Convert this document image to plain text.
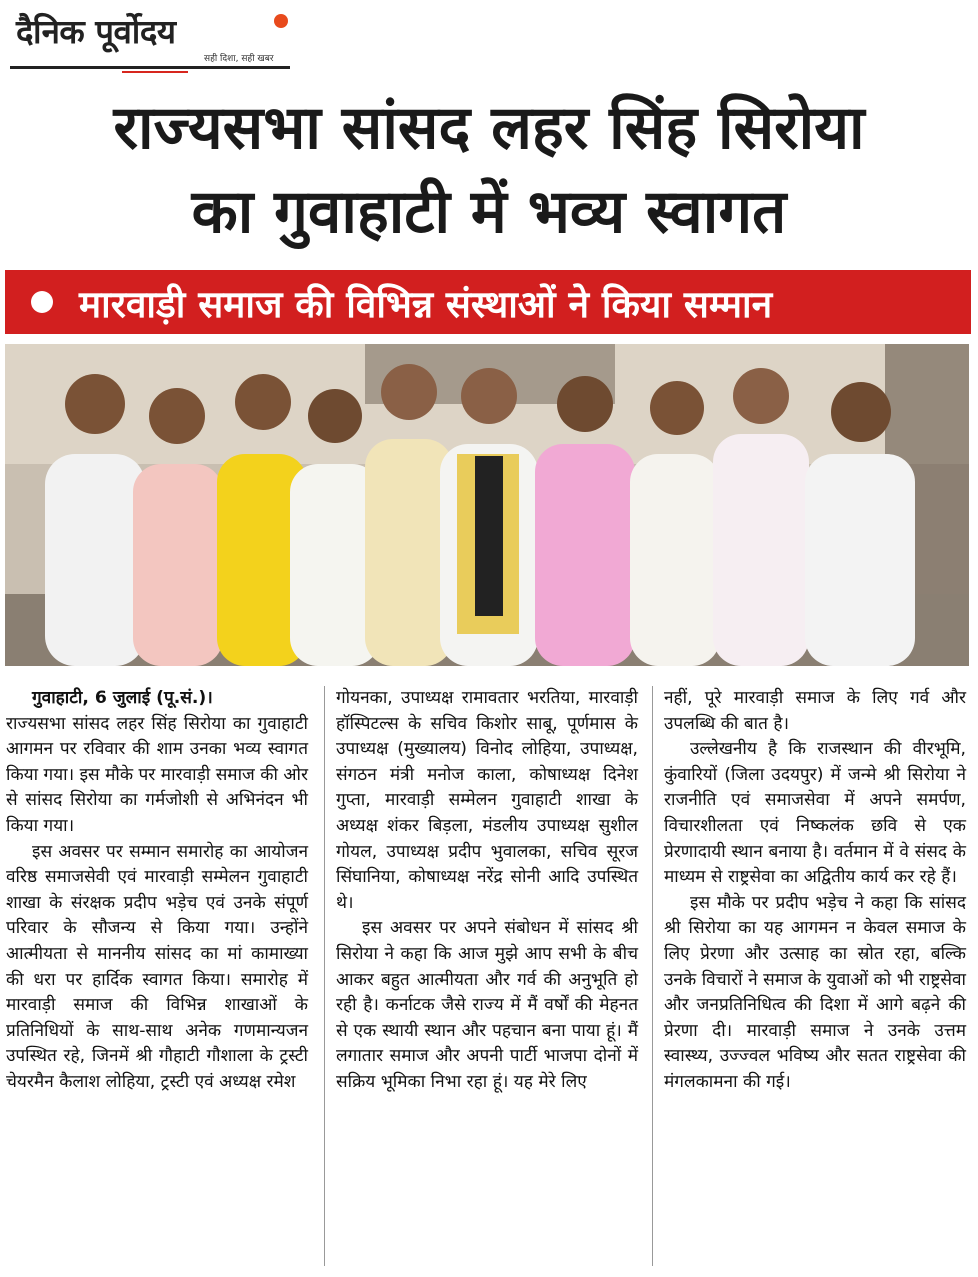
दैनिक पूर्वोदय
सही दिशा, सही खबर
राज्यसभा सांसद लहर सिंह सिरोया
का गुवाहाटी में भव्य स्वागत
मारवाड़ी समाज की विभिन्न संस्थाओं ने किया सम्मान

गुवाहाटी, 6 जुलाई (पू.सं.)।
राज्यसभा सांसद लहर सिंह सिरोया का गुवाहाटी आगमन पर रविवार की शाम उनका भव्य स्वागत किया गया। इस मौके पर मारवाड़ी समाज की ओर से सांसद सिरोया का गर्मजोशी से अभिनंदन भी किया गया।

इस अवसर पर सम्मान समारोह का आयोजन वरिष्ठ समाजसेवी एवं मारवाड़ी सम्मेलन गुवाहाटी शाखा के संरक्षक प्रदीप भड़ेच एवं उनके संपूर्ण परिवार के सौजन्य से किया गया। उन्होंने आत्मीयता से माननीय सांसद का मां कामाख्या की धरा पर हार्दिक स्वागत किया। समारोह में मारवाड़ी समाज की विभिन्न शाखाओं के प्रतिनिधियों के साथ-साथ अनेक गणमान्यजन उपस्थित रहे, जिनमें श्री गौहाटी गौशाला के ट्रस्टी चेयरमैन कैलाश लोहिया, ट्रस्टी एवं अध्यक्ष रमेश

गोयनका, उपाध्यक्ष रामावतार भरतिया, मारवाड़ी हॉस्पिटल्स के सचिव किशोर साबू, पूर्णमास के उपाध्यक्ष (मुख्यालय) विनोद लोहिया, उपाध्यक्ष, संगठन मंत्री मनोज काला, कोषाध्यक्ष दिनेश गुप्ता, मारवाड़ी सम्मेलन गुवाहाटी शाखा के अध्यक्ष शंकर बिड़ला, मंडलीय उपाध्यक्ष सुशील गोयल, उपाध्यक्ष प्रदीप भुवालका, सचिव सूरज सिंघानिया, कोषाध्यक्ष नरेंद्र सोनी आदि उपस्थित थे।

इस अवसर पर अपने संबोधन में सांसद श्री सिरोया ने कहा कि आज मुझे आप सभी के बीच आकर बहुत आत्मीयता और गर्व की अनुभूति हो रही है। कर्नाटक जैसे राज्य में मैं वर्षों की मेहनत से एक स्थायी स्थान और पहचान बना पाया हूं। मैं लगातार समाज और अपनी पार्टी भाजपा दोनों में सक्रिय भूमिका निभा रहा हूं। यह मेरे लिए

नहीं, पूरे मारवाड़ी समाज के लिए गर्व और उपलब्धि की बात है।

उल्लेखनीय है कि राजस्थान की वीरभूमि, कुंवारियों (जिला उदयपुर) में जन्मे श्री सिरोया ने राजनीति एवं समाजसेवा में अपने समर्पण, विचारशीलता एवं निष्कलंक छवि से एक प्रेरणादायी स्थान बनाया है। वर्तमान में वे संसद के माध्यम से राष्ट्रसेवा का अद्वितीय कार्य कर रहे हैं।

इस मौके पर प्रदीप भड़ेच ने कहा कि सांसद श्री सिरोया का यह आगमन न केवल समाज के लिए प्रेरणा और उत्साह का स्रोत रहा, बल्कि उनके विचारों ने समाज के युवाओं को भी राष्ट्रसेवा और जनप्रतिनिधित्व की दिशा में आगे बढ़ने की प्रेरणा दी। मारवाड़ी समाज ने उनके उत्तम स्वास्थ्य, उज्ज्वल भविष्य और सतत राष्ट्रसेवा की मंगलकामना की गई।
